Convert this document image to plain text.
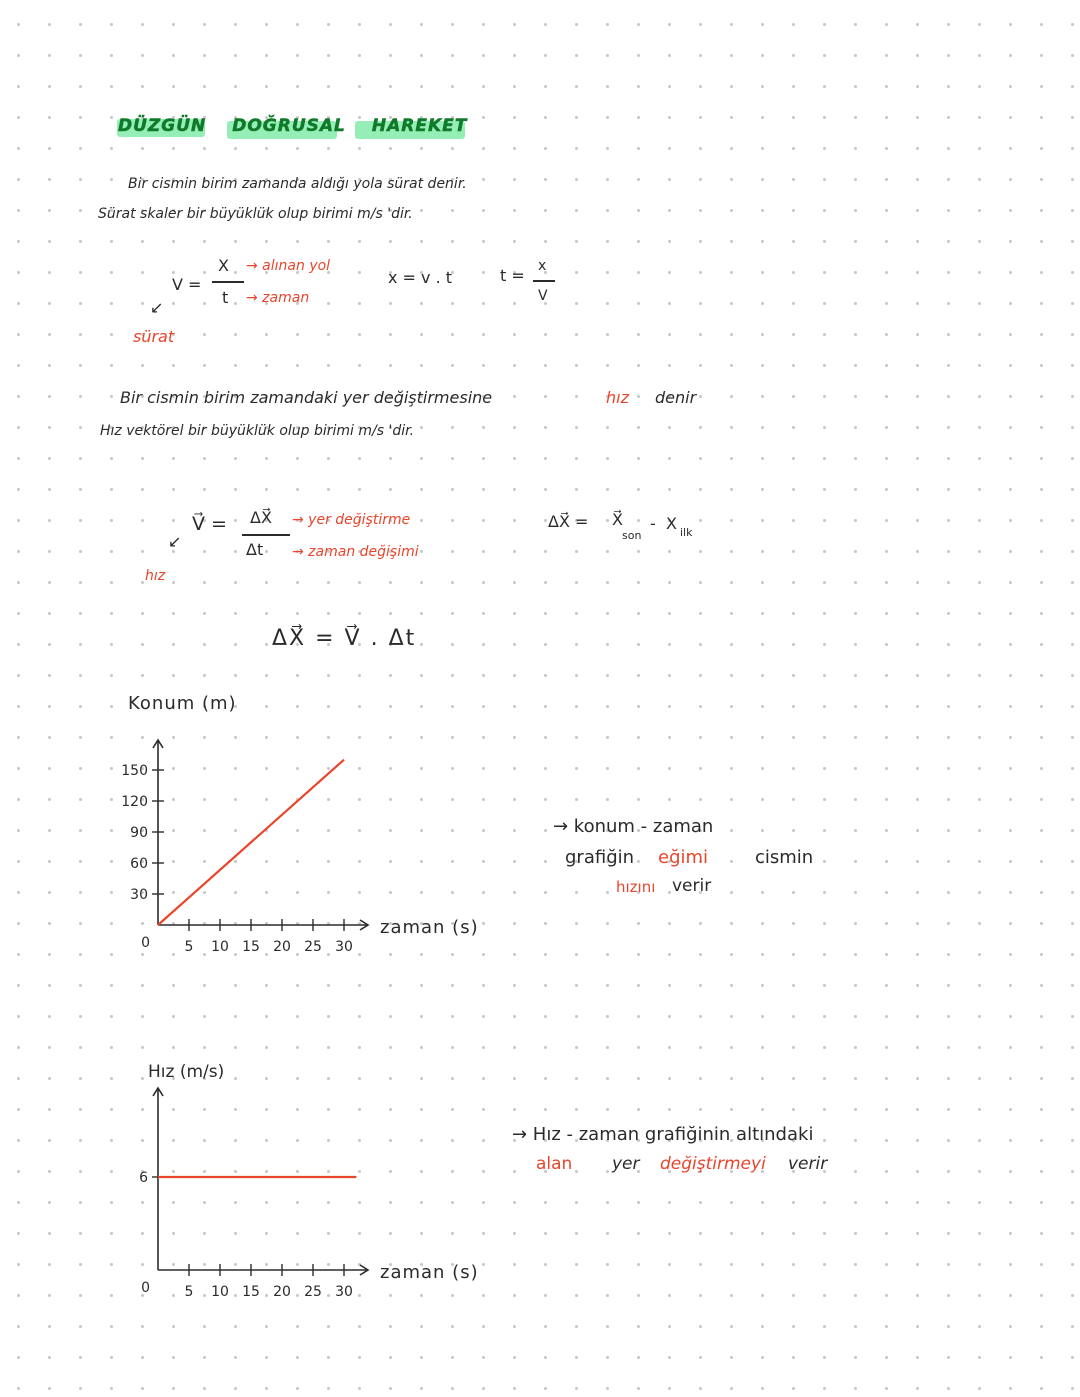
DÜZGÜN DOĞRUSAL HAREKET
Bir cismin birim zamanda aldığı yola sürat denir.
Sürat skaler bir büyüklük olup birimi m/s 'dir.
V =
X → alınan yol
t → zaman
↙
sürat
x = v . t	t = x
V
Bir cismin birim zamandaki yer değiştirmesine	hız denir
Hız vektörel bir büyüklük olup birimi m/s 'dir.
V⃗ = ΔX⃗ → yer değiştirme
Δt → zaman değişimi
↙
hız
ΔX⃗ = X⃗
son
- X ilk
ΔX⃗ = V⃗ . Δt
Konum (m)
5 10 15 20 25 30
30
60
90
120
150
0
zaman (s)
→ konum - zaman
grafiğin eğimi	cismin
hızını verir
Hız (m/s)
5 10 15 20 25 30
6
0
zaman (s)
→ Hız - zaman grafiğinin altındaki
alan yer değiştirmeyi verir
